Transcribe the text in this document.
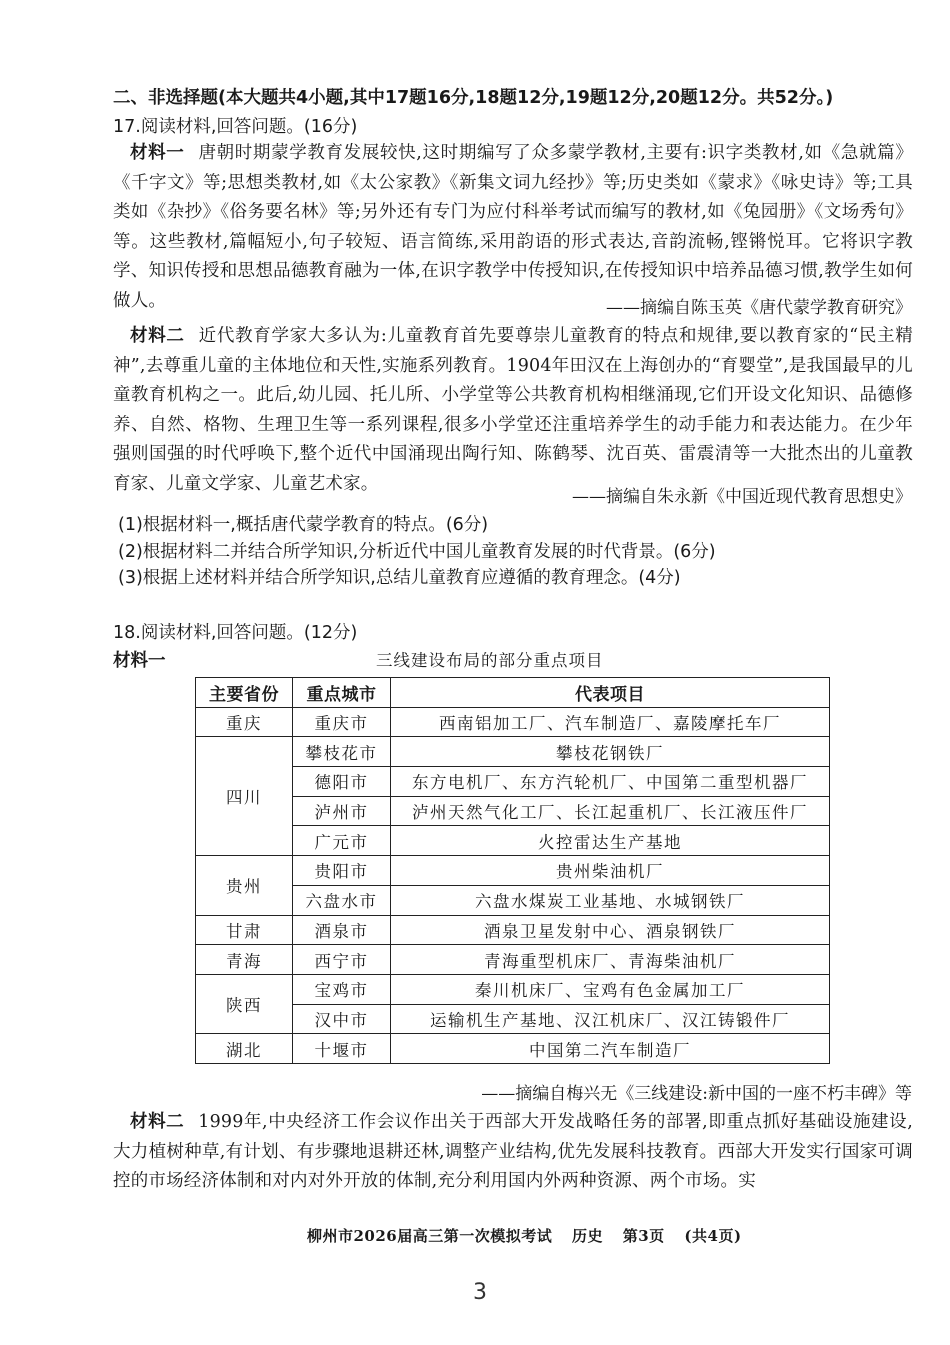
二、非选择题(本大题共4小题,其中17题16分,18题12分,19题12分,20题12分。共52分。)
17.阅读材料,回答问题。(16分)
材料一 唐朝时期蒙学教育发展较快,这时期编写了众多蒙学教材,主要有:识字类教材,如《急就篇》《千字文》等;思想类教材,如《太公家教》《新集文词九经抄》等;历史类如《蒙求》《咏史诗》等;工具类如《杂抄》《俗务要名林》等;另外还有专门为应付科举考试而编写的教材,如《兔园册》《文场秀句》等。这些教材,篇幅短小,句子较短、语言简练,采用韵语的形式表达,音韵流畅,铿锵悦耳。它将识字教学、知识传授和思想品德教育融为一体,在识字教学中传授知识,在传授知识中培养品德习惯,教学生如何做人。	——摘编自陈玉英《唐代蒙学教育研究》
材料二 近代教育学家大多认为:儿童教育首先要尊崇儿童教育的特点和规律,要以教育家的“民主精神”,去尊重儿童的主体地位和天性,实施系列教育。1904年田汉在上海创办的“育婴堂”,是我国最早的儿童教育机构之一。此后,幼儿园、托儿所、小学堂等公共教育机构相继涌现,它们开设文化知识、品德修养、自然、格物、生理卫生等一系列课程,很多小学堂还注重培养学生的动手能力和表达能力。在少年强则国强的时代呼唤下,整个近代中国涌现出陶行知、陈鹤琴、沈百英、雷震清等一大批杰出的儿童教育家、儿童文学家、儿童艺术家。
——摘编自朱永新《中国近现代教育思想史》
(1)根据材料一,概括唐代蒙学教育的特点。(6分)
(2)根据材料二并结合所学知识,分析近代中国儿童教育发展的时代背景。(6分)
(3)根据上述材料并结合所学知识,总结儿童教育应遵循的教育理念。(4分)
18.阅读材料,回答问题。(12分)
材料一	三线建设布局的部分重点项目
主要省份	重点城市	代表项目
重庆	重庆市	西南铝加工厂、汽车制造厂、嘉陵摩托车厂
四川	攀枝花市	攀枝花钢铁厂
	德阳市	东方电机厂、东方汽轮机厂、中国第二重型机器厂
	泸州市	泸州天然气化工厂、长江起重机厂、长江液压件厂
	广元市	火控雷达生产基地
贵州	贵阳市	贵州柴油机厂
	六盘水市	六盘水煤炭工业基地、水城钢铁厂
甘肃	酒泉市	酒泉卫星发射中心、酒泉钢铁厂
青海	西宁市	青海重型机床厂、青海柴油机厂
陕西	宝鸡市	秦川机床厂、宝鸡有色金属加工厂
	汉中市	运输机生产基地、汉江机床厂、汉江铸锻件厂
湖北	十堰市	中国第二汽车制造厂
——摘编自梅兴无《三线建设:新中国的一座不朽丰碑》等
材料二 1999年,中央经济工作会议作出关于西部大开发战略任务的部署,即重点抓好基础设施建设,大力植树种草,有计划、有步骤地退耕还林,调整产业结构,优先发展科技教育。西部大开发实行国家可调控的市场经济体制和对内对外开放的体制,充分利用国内外两种资源、两个市场。实
柳州市2026届高三第一次模拟考试 历史 第3页 (共4页)
3
